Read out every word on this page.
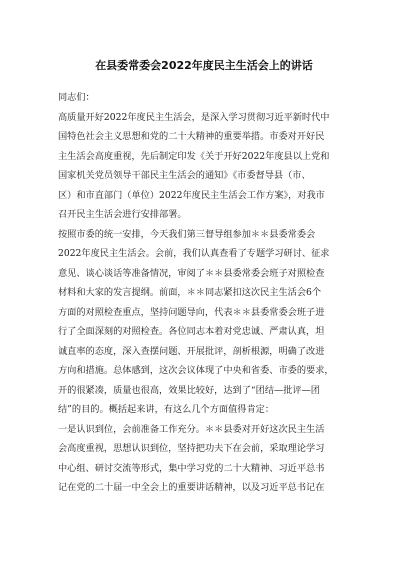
在县委常委会2022年度民主生活会上的讲话
同志们：
高质量开好2022年度民主生活会，是深入学习贯彻习近平新时代中
国特色社会主义思想和党的二十大精神的重要举措。市委对开好民
主生活会高度重视，先后制定印发《关于开好2022年度县以上党和
国家机关党员领导干部民主生活会的通知》《市委督导县（市、
区）和市直部门（单位）2022年度民主生活会工作方案》，对我市
召开民主生活会进行安排部署。
按照市委的统一安排，今天我们第三督导组参加＊＊县委常委会
2022年度民主生活会。会前，我们认真查看了专题学习研讨、征求
意见、谈心谈话等准备情况，审阅了＊＊县委常委会班子对照检查
材料和大家的发言提纲。前面，＊＊同志紧扣这次民主生活会6个
方面的对照检查重点，坚持问题导向，代表＊＊县委常委会班子进
行了全面深刻的对照检查。各位同志本着对党忠诚、严肃认真，坦
诚直率的态度，深入查摆问题、开展批评，剖析根源，明确了改进
方向和措施。总体感到，这次会议体现了中央和省委、市委的要求，
开的很紧凑，质量也很高，效果比较好，达到了“团结—批评—团
结”的目的。概括起来讲，有这么几个方面值得肯定：
一是认识到位，会前准备工作充分。＊＊县委对开好这次民主生活
会高度重视，思想认识到位，坚持把功夫下在会前，采取理论学习
中心组、研讨交流等形式，集中学习党的二十大精神、习近平总书
记在党的二十届一中全会上的重要讲话精神，以及习近平总书记在
